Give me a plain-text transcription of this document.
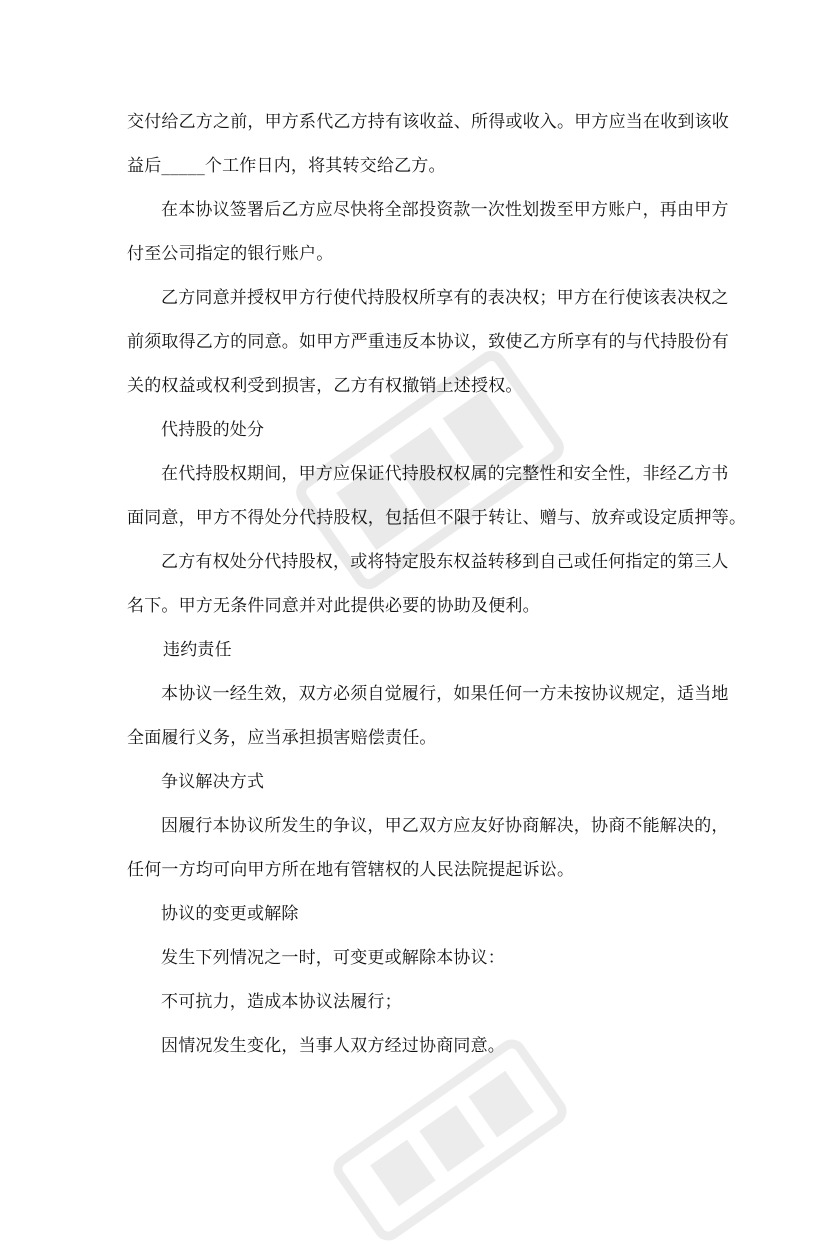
交付给乙方之前，甲方系代乙方持有该收益、所得或收入。甲方应当在收到该收
益后_____个工作日内，将其转交给乙方。
在本协议签署后乙方应尽快将全部投资款一次性划拨至甲方账户，再由甲方
付至公司指定的银行账户。
乙方同意并授权甲方行使代持股权所享有的表决权；甲方在行使该表决权之
前须取得乙方的同意。如甲方严重违反本协议，致使乙方所享有的与代持股份有
关的权益或权利受到损害，乙方有权撤销上述授权。
代持股的处分
在代持股权期间，甲方应保证代持股权权属的完整性和安全性，非经乙方书
面同意，甲方不得处分代持股权，包括但不限于转让、赠与、放弃或设定质押等。
乙方有权处分代持股权，或将特定股东权益转移到自己或任何指定的第三人
名下。甲方无条件同意并对此提供必要的协助及便利。
违约责任
本协议一经生效，双方必须自觉履行，如果任何一方未按协议规定，适当地
全面履行义务，应当承担损害赔偿责任。
争议解决方式
因履行本协议所发生的争议，甲乙双方应友好协商解决，协商不能解决的，
任何一方均可向甲方所在地有管辖权的人民法院提起诉讼。
协议的变更或解除
发生下列情况之一时，可变更或解除本协议：
不可抗力，造成本协议法履行；
因情况发生变化，当事人双方经过协商同意。
